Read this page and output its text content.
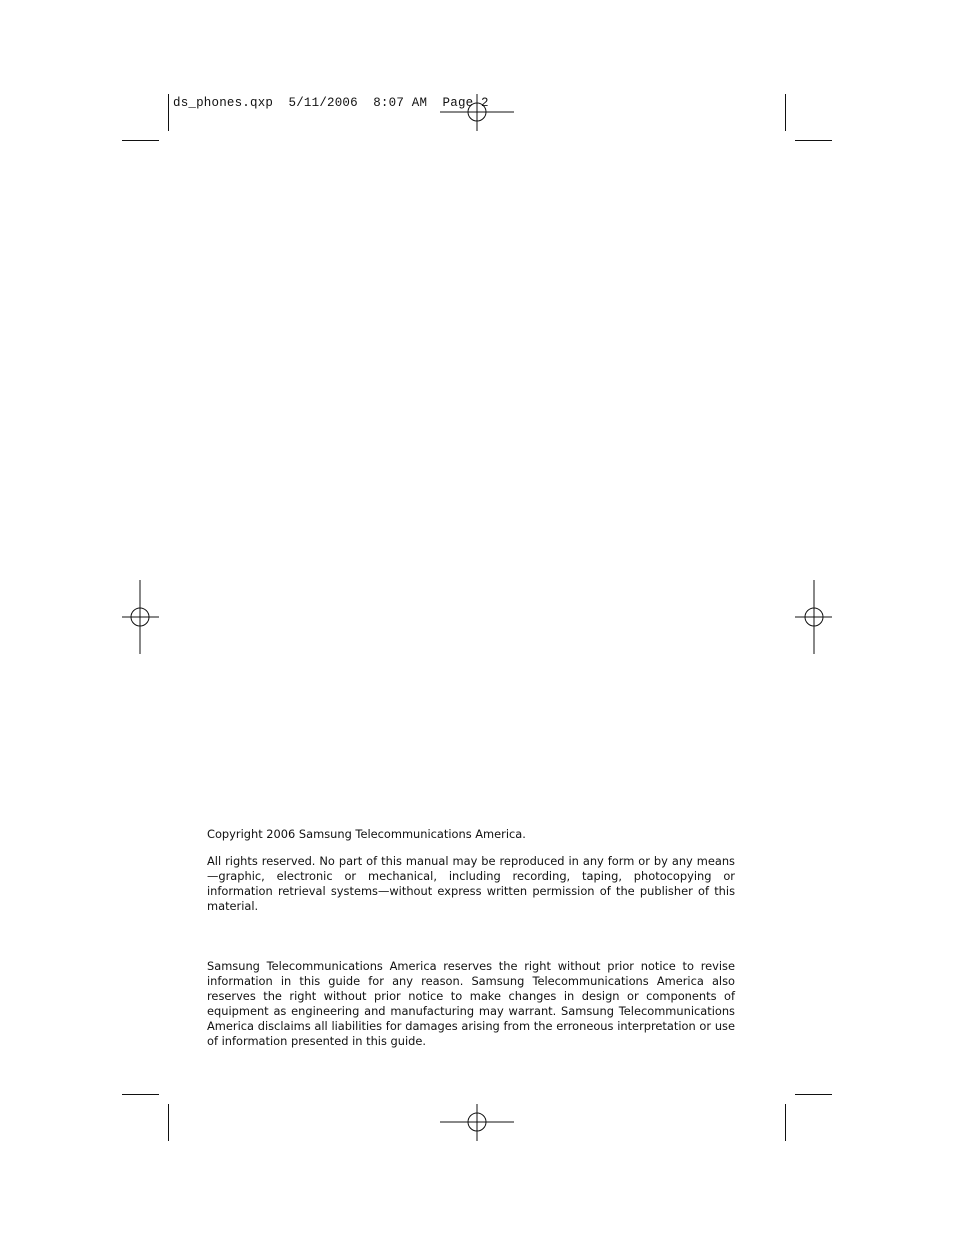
ds_phones.qxp  5/11/2006  8:07 AM  Page 2

Copyright 2006 Samsung Telecommunications America.

All rights reserved. No part of this manual may be reproduced in any form or by any means—graphic, electronic or mechanical, including recording, taping, photocopying or information retrieval systems—without express written permission of the publisher of this material.

Samsung Telecommunications America reserves the right without prior notice to revise information in this guide for any reason. Samsung Telecommunications America also reserves the right without prior notice to make changes in design or components of equipment as engineering and manufacturing may warrant. Samsung Telecommunications America disclaims all liabilities for damages arising from the erroneous interpretation or use of information presented in this guide.
